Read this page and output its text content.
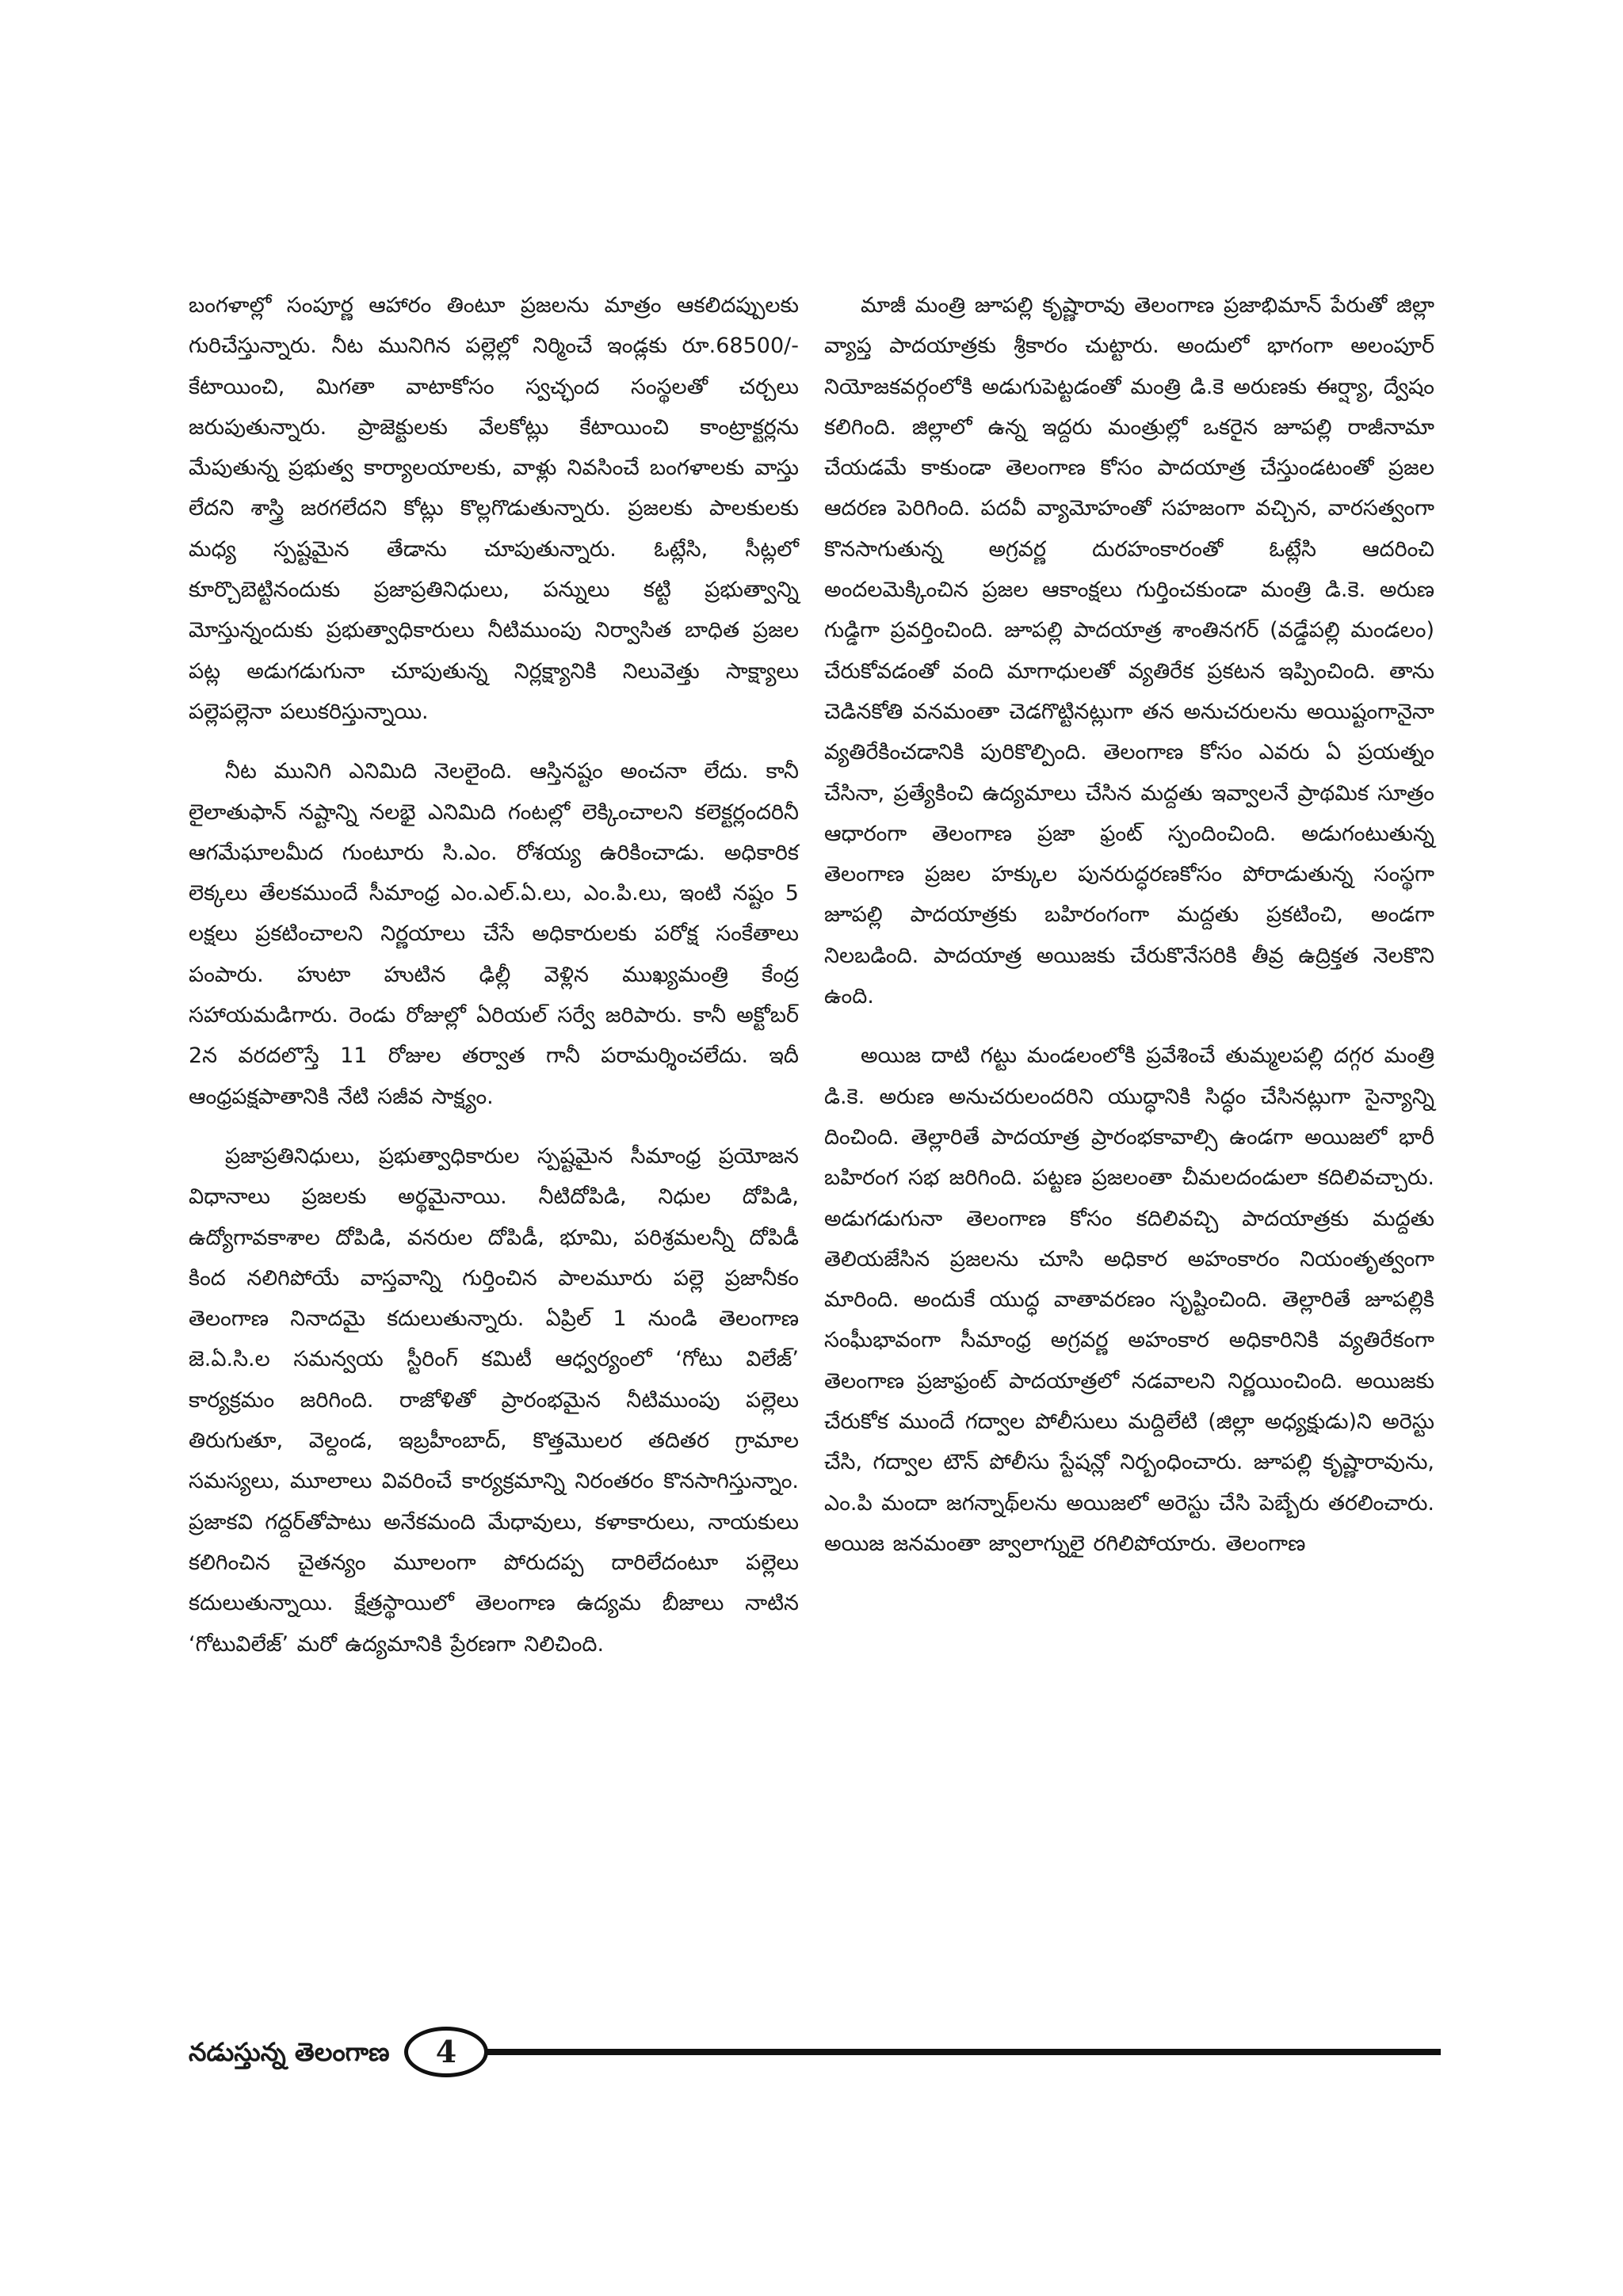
బంగళాల్లో సంపూర్ణ ఆహారం తింటూ ప్రజలను మాత్రం ఆకలిదప్పులకు గురిచేస్తున్నారు. నీట మునిగిన పల్లెల్లో నిర్మించే ఇండ్లకు రూ.68500/- కేటాయించి, మిగతా వాటాకోసం స్వచ్ఛంద సంస్థలతో చర్చలు జరుపుతున్నారు. ప్రాజెక్టులకు వేలకోట్లు కేటాయించి కాంట్రాక్టర్లను మేపుతున్న ప్రభుత్వ కార్యాలయాలకు, వాళ్లు నివసించే బంగళాలకు వాస్తు లేదని శాస్త్రి జరగలేదని కోట్లు కొల్లగొడుతున్నారు. ప్రజలకు పాలకులకు మధ్య స్పష్టమైన తేడాను చూపుతున్నారు. ఓట్లేసి, సీట్లలో కూర్చొబెట్టినందుకు ప్రజాప్రతినిధులు, పన్నులు కట్టి ప్రభుత్వాన్ని మోస్తున్నందుకు ప్రభుత్వాధికారులు నీటిముంపు నిర్వాసిత బాధిత ప్రజల పట్ల అడుగడుగునా చూపుతున్న నిర్లక్ష్యానికి నిలువెత్తు సాక్ష్యాలు పల్లెపల్లెనా పలుకరిస్తున్నాయి.

నీట మునిగి ఎనిమిది నెలలైంది. ఆస్తినష్టం అంచనా లేదు. కానీ లైలాతుఫాన్ నష్టాన్ని నలభై ఎనిమిది గంటల్లో లెక్కించాలని కలెక్టర్లందరినీ ఆగమేఘాలమీద గుంటూరు సి.ఎం. రోశయ్య ఉరికించాడు. అధికారిక లెక్కలు తేలకముందే సీమాంధ్ర ఎం.ఎల్.ఏ.లు, ఎం.పి.లు, ఇంటి నష్టం 5 లక్షలు ప్రకటించాలని నిర్ణయాలు చేసే అధికారులకు పరోక్ష సంకేతాలు పంపారు. హుటా హుటిన ఢిల్లీ వెళ్లిన ముఖ్యమంత్రి కేంద్ర సహాయమడిగారు. రెండు రోజుల్లో ఏరియల్ సర్వే జరిపారు. కానీ అక్టోబర్ 2న వరదలొస్తే 11 రోజుల తర్వాత గానీ పరామర్శించలేదు. ఇదీ ఆంధ్రపక్షపాతానికి నేటి సజీవ సాక్ష్యం.

ప్రజాప్రతినిధులు, ప్రభుత్వాధికారుల స్పష్టమైన సీమాంధ్ర ప్రయోజన విధానాలు ప్రజలకు అర్థమైనాయి. నీటిదోపిడి, నిధుల దోపిడి, ఉద్యోగావకాశాల దోపిడి, వనరుల దోపిడీ, భూమి, పరిశ్రమలన్నీ దోపిడీ కింద నలిగిపోయే వాస్తవాన్ని గుర్తించిన పాలమూరు పల్లె ప్రజానీకం తెలంగాణ నినాదమై కదులుతున్నారు. ఏప్రిల్ 1 నుండి తెలంగాణ జె.ఏ.సి.ల సమన్వయ స్టీరింగ్ కమిటీ ఆధ్వర్యంలో ‘గోటు విలేజ్’ కార్యక్రమం జరిగింది. రాజోళితో ప్రారంభమైన నీటిముంపు పల్లెలు తిరుగుతూ, వెల్దండ, ఇబ్రహీంబాద్, కొత్తమొలర తదితర గ్రామాల సమస్యలు, మూలాలు వివరించే కార్యక్రమాన్ని నిరంతరం కొనసాగిస్తున్నాం. ప్రజాకవి గద్దర్‌తోపాటు అనేకమంది మేధావులు, కళాకారులు, నాయకులు కలిగించిన చైతన్యం మూలంగా పోరుదప్ప దారిలేదంటూ పల్లెలు కదులుతున్నాయి. క్షేత్రస్థాయిలో తెలంగాణ ఉద్యమ బీజాలు నాటిన ‘గోటువిలేజ్’ మరో ఉద్యమానికి ప్రేరణగా నిలిచింది.

మాజీ మంత్రి జూపల్లి కృష్ణారావు తెలంగాణ ప్రజాభిమాన్ పేరుతో జిల్లా వ్యాప్త పాదయాత్రకు శ్రీకారం చుట్టారు. అందులో భాగంగా అలంపూర్ నియోజకవర్గంలోకి అడుగుపెట్టడంతో మంత్రి డి.కె అరుణకు ఈర్ష్యా, ద్వేషం కలిగింది. జిల్లాలో ఉన్న ఇద్దరు మంత్రుల్లో ఒకరైన జూపల్లి రాజీనామా చేయడమే కాకుండా తెలంగాణ కోసం పాదయాత్ర చేస్తుండటంతో ప్రజల ఆదరణ పెరిగింది. పదవీ వ్యామోహంతో సహజంగా వచ్చిన, వారసత్వంగా కొనసాగుతున్న అగ్రవర్ణ దురహంకారంతో ఓట్లేసి ఆదరించి అందలమెక్కించిన ప్రజల ఆకాంక్షలు గుర్తించకుండా మంత్రి డి.కె. అరుణ గుడ్డిగా ప్రవర్తించింది. జూపల్లి పాదయాత్ర శాంతినగర్ (వడ్డేపల్లి మండలం) చేరుకోవడంతో వంది మాగాధులతో వ్యతిరేక ప్రకటన ఇప్పించింది. తాను చెడినకోతి వనమంతా చెడగొట్టినట్లుగా తన అనుచరులను అయిష్టంగానైనా వ్యతిరేకించడానికి పురికొల్పింది. తెలంగాణ కోసం ఎవరు ఏ ప్రయత్నం చేసినా, ప్రత్యేకించి ఉద్యమాలు చేసిన మద్దతు ఇవ్వాలనే ప్రాథమిక సూత్రం ఆధారంగా తెలంగాణ ప్రజా ఫ్రంట్ స్పందించింది. అడుగంటుతున్న తెలంగాణ ప్రజల హక్కుల పునరుద్ధరణకోసం పోరాడుతున్న సంస్థగా జూపల్లి పాదయాత్రకు బహిరంగంగా మద్దతు ప్రకటించి, అండగా నిలబడింది. పాదయాత్ర అయిజకు చేరుకొనేసరికి తీవ్ర ఉద్రిక్తత నెలకొని ఉంది.

అయిజ దాటి గట్టు మండలంలోకి ప్రవేశించే తుమ్మలపల్లి దగ్గర మంత్రి డి.కె. అరుణ అనుచరులందరిని యుద్ధానికి సిద్ధం చేసినట్లుగా సైన్యాన్ని దించింది. తెల్లారితే పాదయాత్ర ప్రారంభకావాల్సి ఉండగా అయిజలో భారీ బహిరంగ సభ జరిగింది. పట్టణ ప్రజలంతా చీమలదండులా కదిలివచ్చారు. అడుగడుగునా తెలంగాణ కోసం కదిలివచ్చి పాదయాత్రకు మద్దతు తెలియజేసిన ప్రజలను చూసి అధికార అహంకారం నియంతృత్వంగా మారింది. అందుకే యుద్ధ వాతావరణం సృష్టించింది. తెల్లారితే జూపల్లికి సంఘీభావంగా సీమాంధ్ర అగ్రవర్ణ అహంకార అధికారినికి వ్యతిరేకంగా తెలంగాణ ప్రజాఫ్రంట్ పాదయాత్రలో నడవాలని నిర్ణయించింది. అయిజకు చేరుకోక ముందే గద్వాల పోలీసులు మద్దిలేటి (జిల్లా అధ్యక్షుడు)ని అరెస్టు చేసి, గద్వాల టౌన్ పోలీసు స్టేషన్లో నిర్బంధించారు. జూపల్లి కృష్ణారావును, ఎం.పి మందా జగన్నాథ్‌లను అయిజలో అరెస్టు చేసి పెబ్బేరు తరలించారు. అయిజ జనమంతా జ్వాలాగ్నులై రగిలిపోయారు. తెలంగాణ

నడుస్తున్న తెలంగాణ	4
